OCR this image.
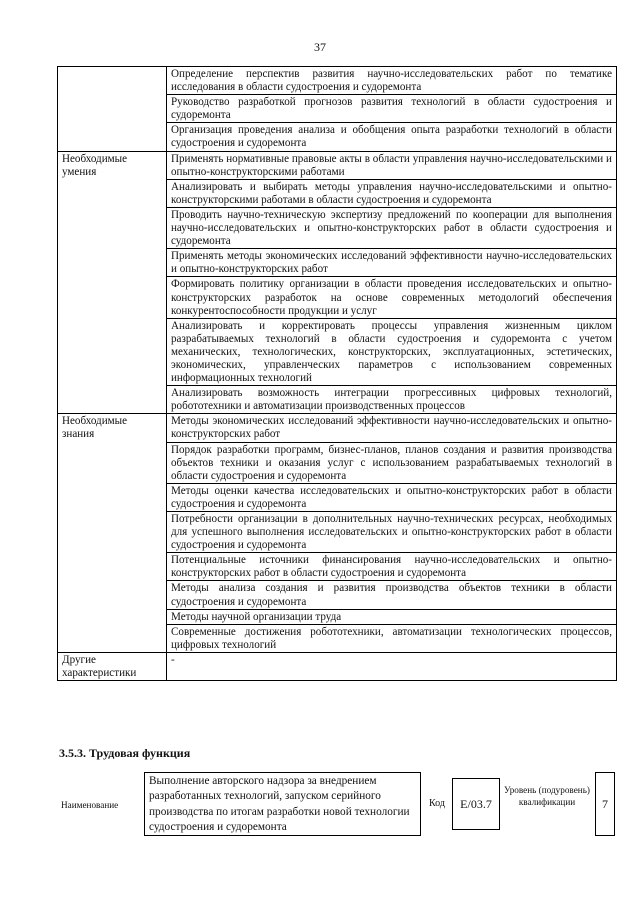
37
	Определение перспектив развития научно-исследовательских работ по тематике исследования в области судостроения и судоремонта
	Руководство разработкой прогнозов развития технологий в области судостроения и судоремонта
	Организация проведения анализа и обобщения опыта разработки технологий в области судостроения и судоремонта
Необходимые умения	Применять нормативные правовые акты в области управления научно-исследовательскими и опытно-конструкторскими работами
	Анализировать и выбирать методы управления научно-исследовательскими и опытно-конструкторскими работами в области судостроения и судоремонта
	Проводить научно-техническую экспертизу предложений по кооперации для выполнения научно-исследовательских и опытно-конструкторских работ в области судостроения и судоремонта
	Применять методы экономических исследований эффективности научно-исследовательских и опытно-конструкторских работ
	Формировать политику организации в области проведения исследовательских и опытно-конструкторских разработок на основе современных методологий обеспечения конкурентоспособности продукции и услуг
	Анализировать и корректировать процессы управления жизненным циклом разрабатываемых технологий в области судостроения и судоремонта с учетом механических, технологических, конструкторских, эксплуатационных, эстетических, экономических, управленческих параметров с использованием современных информационных технологий
	Анализировать возможность интеграции прогрессивных цифровых технологий, робототехники и автоматизации производственных процессов
Необходимые знания	Методы экономических исследований эффективности научно-исследовательских и опытно-конструкторских работ
	Порядок разработки программ, бизнес-планов, планов создания и развития производства объектов техники и оказания услуг с использованием разрабатываемых технологий в области судостроения и судоремонта
	Методы оценки качества исследовательских и опытно-конструкторских работ в области судостроения и судоремонта
	Потребности организации в дополнительных научно-технических ресурсах, необходимых для успешного выполнения исследовательских и опытно-конструкторских работ в области судостроения и судоремонта
	Потенциальные источники финансирования научно-исследовательских и опытно-конструкторских работ в области судостроения и судоремонта
	Методы анализа создания и развития производства объектов техники в области судостроения и судоремонта
	Методы научной организации труда
	Современные достижения робототехники, автоматизации технологических процессов, цифровых технологий
Другие характеристики	-
3.5.3. Трудовая функция
Наименование
Выполнение авторского надзора за внедрением разработанных технологий, запуском серийного производства по итогам разработки новой технологии судостроения и судоремонта
Код	E/03.7
Уровень (подуровень) квалификации	7
